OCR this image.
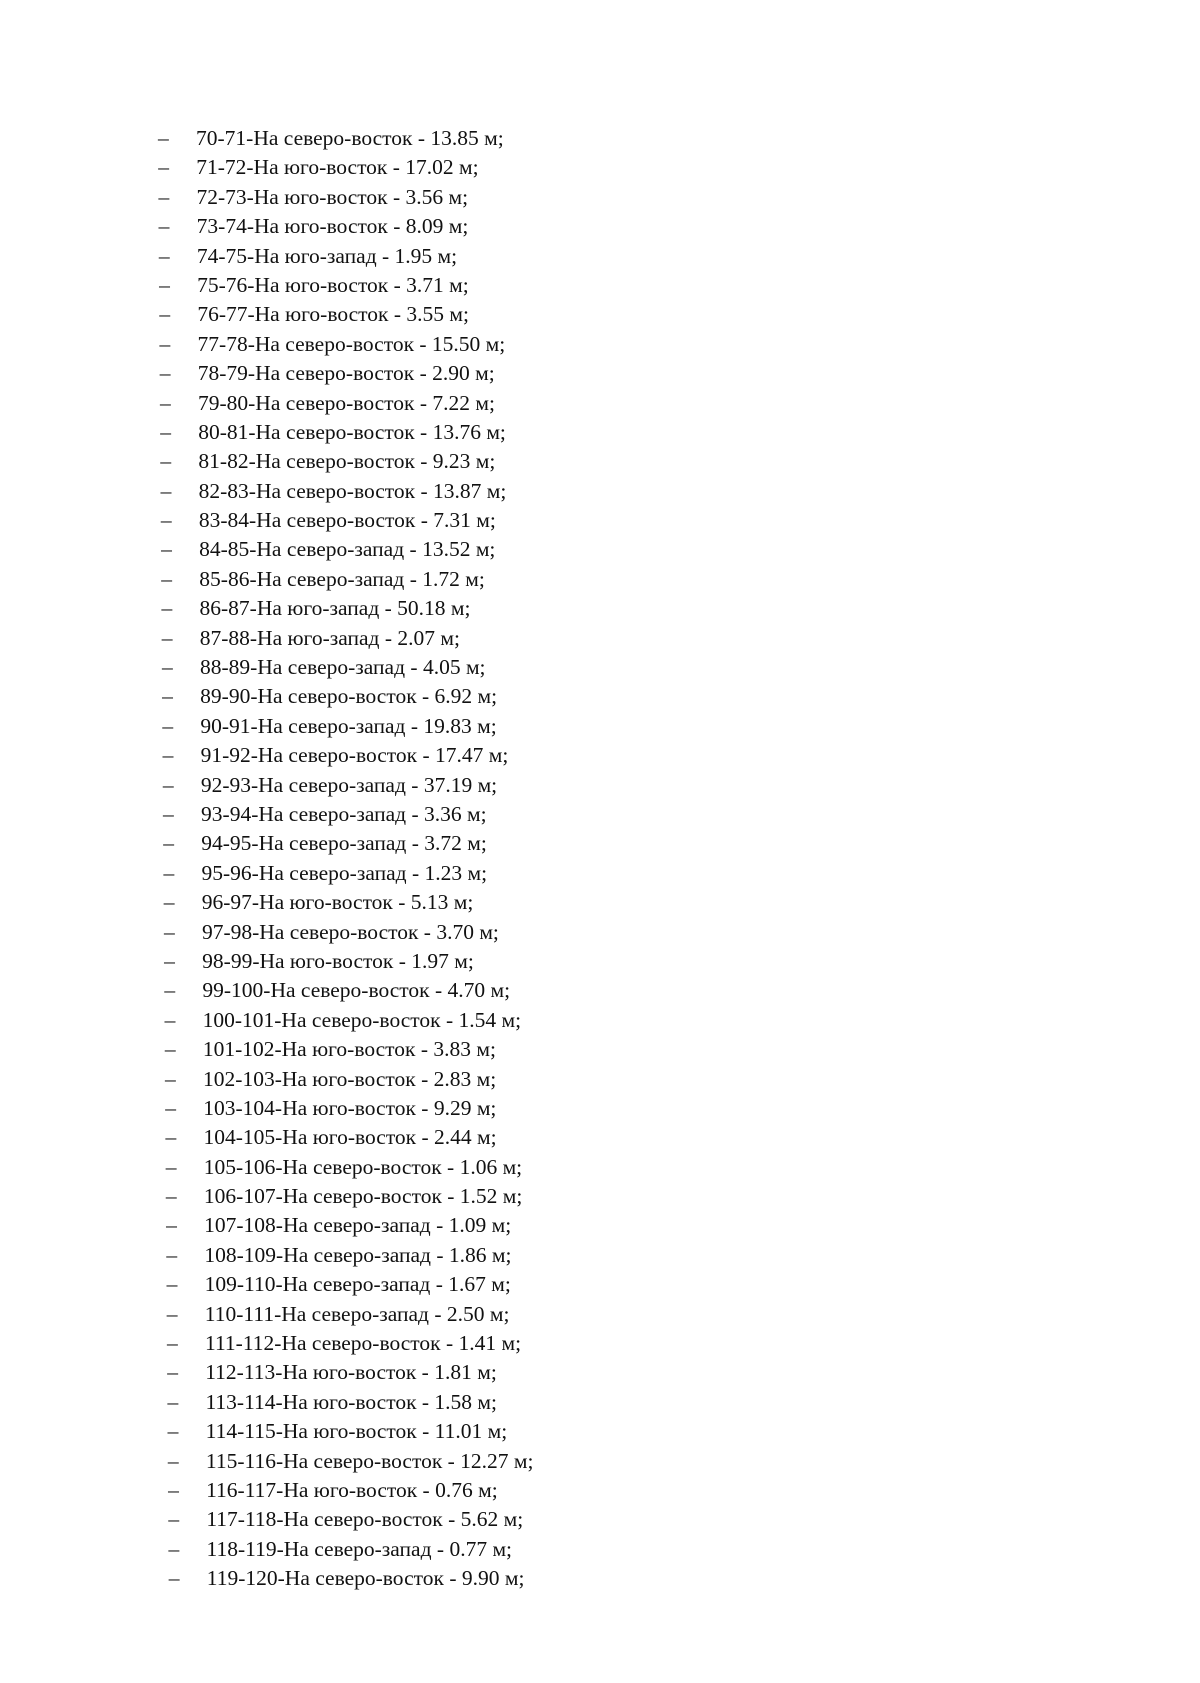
–	70-71-На северо-восток - 13.85 м;
–	71-72-На юго-восток - 17.02 м;
–	72-73-На юго-восток - 3.56 м;
–	73-74-На юго-восток - 8.09 м;
–	74-75-На юго-запад - 1.95 м;
–	75-76-На юго-восток - 3.71 м;
–	76-77-На юго-восток - 3.55 м;
–	77-78-На северо-восток - 15.50 м;
–	78-79-На северо-восток - 2.90 м;
–	79-80-На северо-восток - 7.22 м;
–	80-81-На северо-восток - 13.76 м;
–	81-82-На северо-восток - 9.23 м;
–	82-83-На северо-восток - 13.87 м;
–	83-84-На северо-восток - 7.31 м;
–	84-85-На северо-запад - 13.52 м;
–	85-86-На северо-запад - 1.72 м;
–	86-87-На юго-запад - 50.18 м;
–	87-88-На юго-запад - 2.07 м;
–	88-89-На северо-запад - 4.05 м;
–	89-90-На северо-восток - 6.92 м;
–	90-91-На северо-запад - 19.83 м;
–	91-92-На северо-восток - 17.47 м;
–	92-93-На северо-запад - 37.19 м;
–	93-94-На северо-запад - 3.36 м;
–	94-95-На северо-запад - 3.72 м;
–	95-96-На северо-запад - 1.23 м;
–	96-97-На юго-восток - 5.13 м;
–	97-98-На северо-восток - 3.70 м;
–	98-99-На юго-восток - 1.97 м;
–	99-100-На северо-восток - 4.70 м;
–	100-101-На северо-восток - 1.54 м;
–	101-102-На юго-восток - 3.83 м;
–	102-103-На юго-восток - 2.83 м;
–	103-104-На юго-восток - 9.29 м;
–	104-105-На юго-восток - 2.44 м;
–	105-106-На северо-восток - 1.06 м;
–	106-107-На северо-восток - 1.52 м;
–	107-108-На северо-запад - 1.09 м;
–	108-109-На северо-запад - 1.86 м;
–	109-110-На северо-запад - 1.67 м;
–	110-111-На северо-запад - 2.50 м;
–	111-112-На северо-восток - 1.41 м;
–	112-113-На юго-восток - 1.81 м;
–	113-114-На юго-восток - 1.58 м;
–	114-115-На юго-восток - 11.01 м;
–	115-116-На северо-восток - 12.27 м;
–	116-117-На юго-восток - 0.76 м;
–	117-118-На северо-восток - 5.62 м;
–	118-119-На северо-запад - 0.77 м;
–	119-120-На северо-восток - 9.90 м;
